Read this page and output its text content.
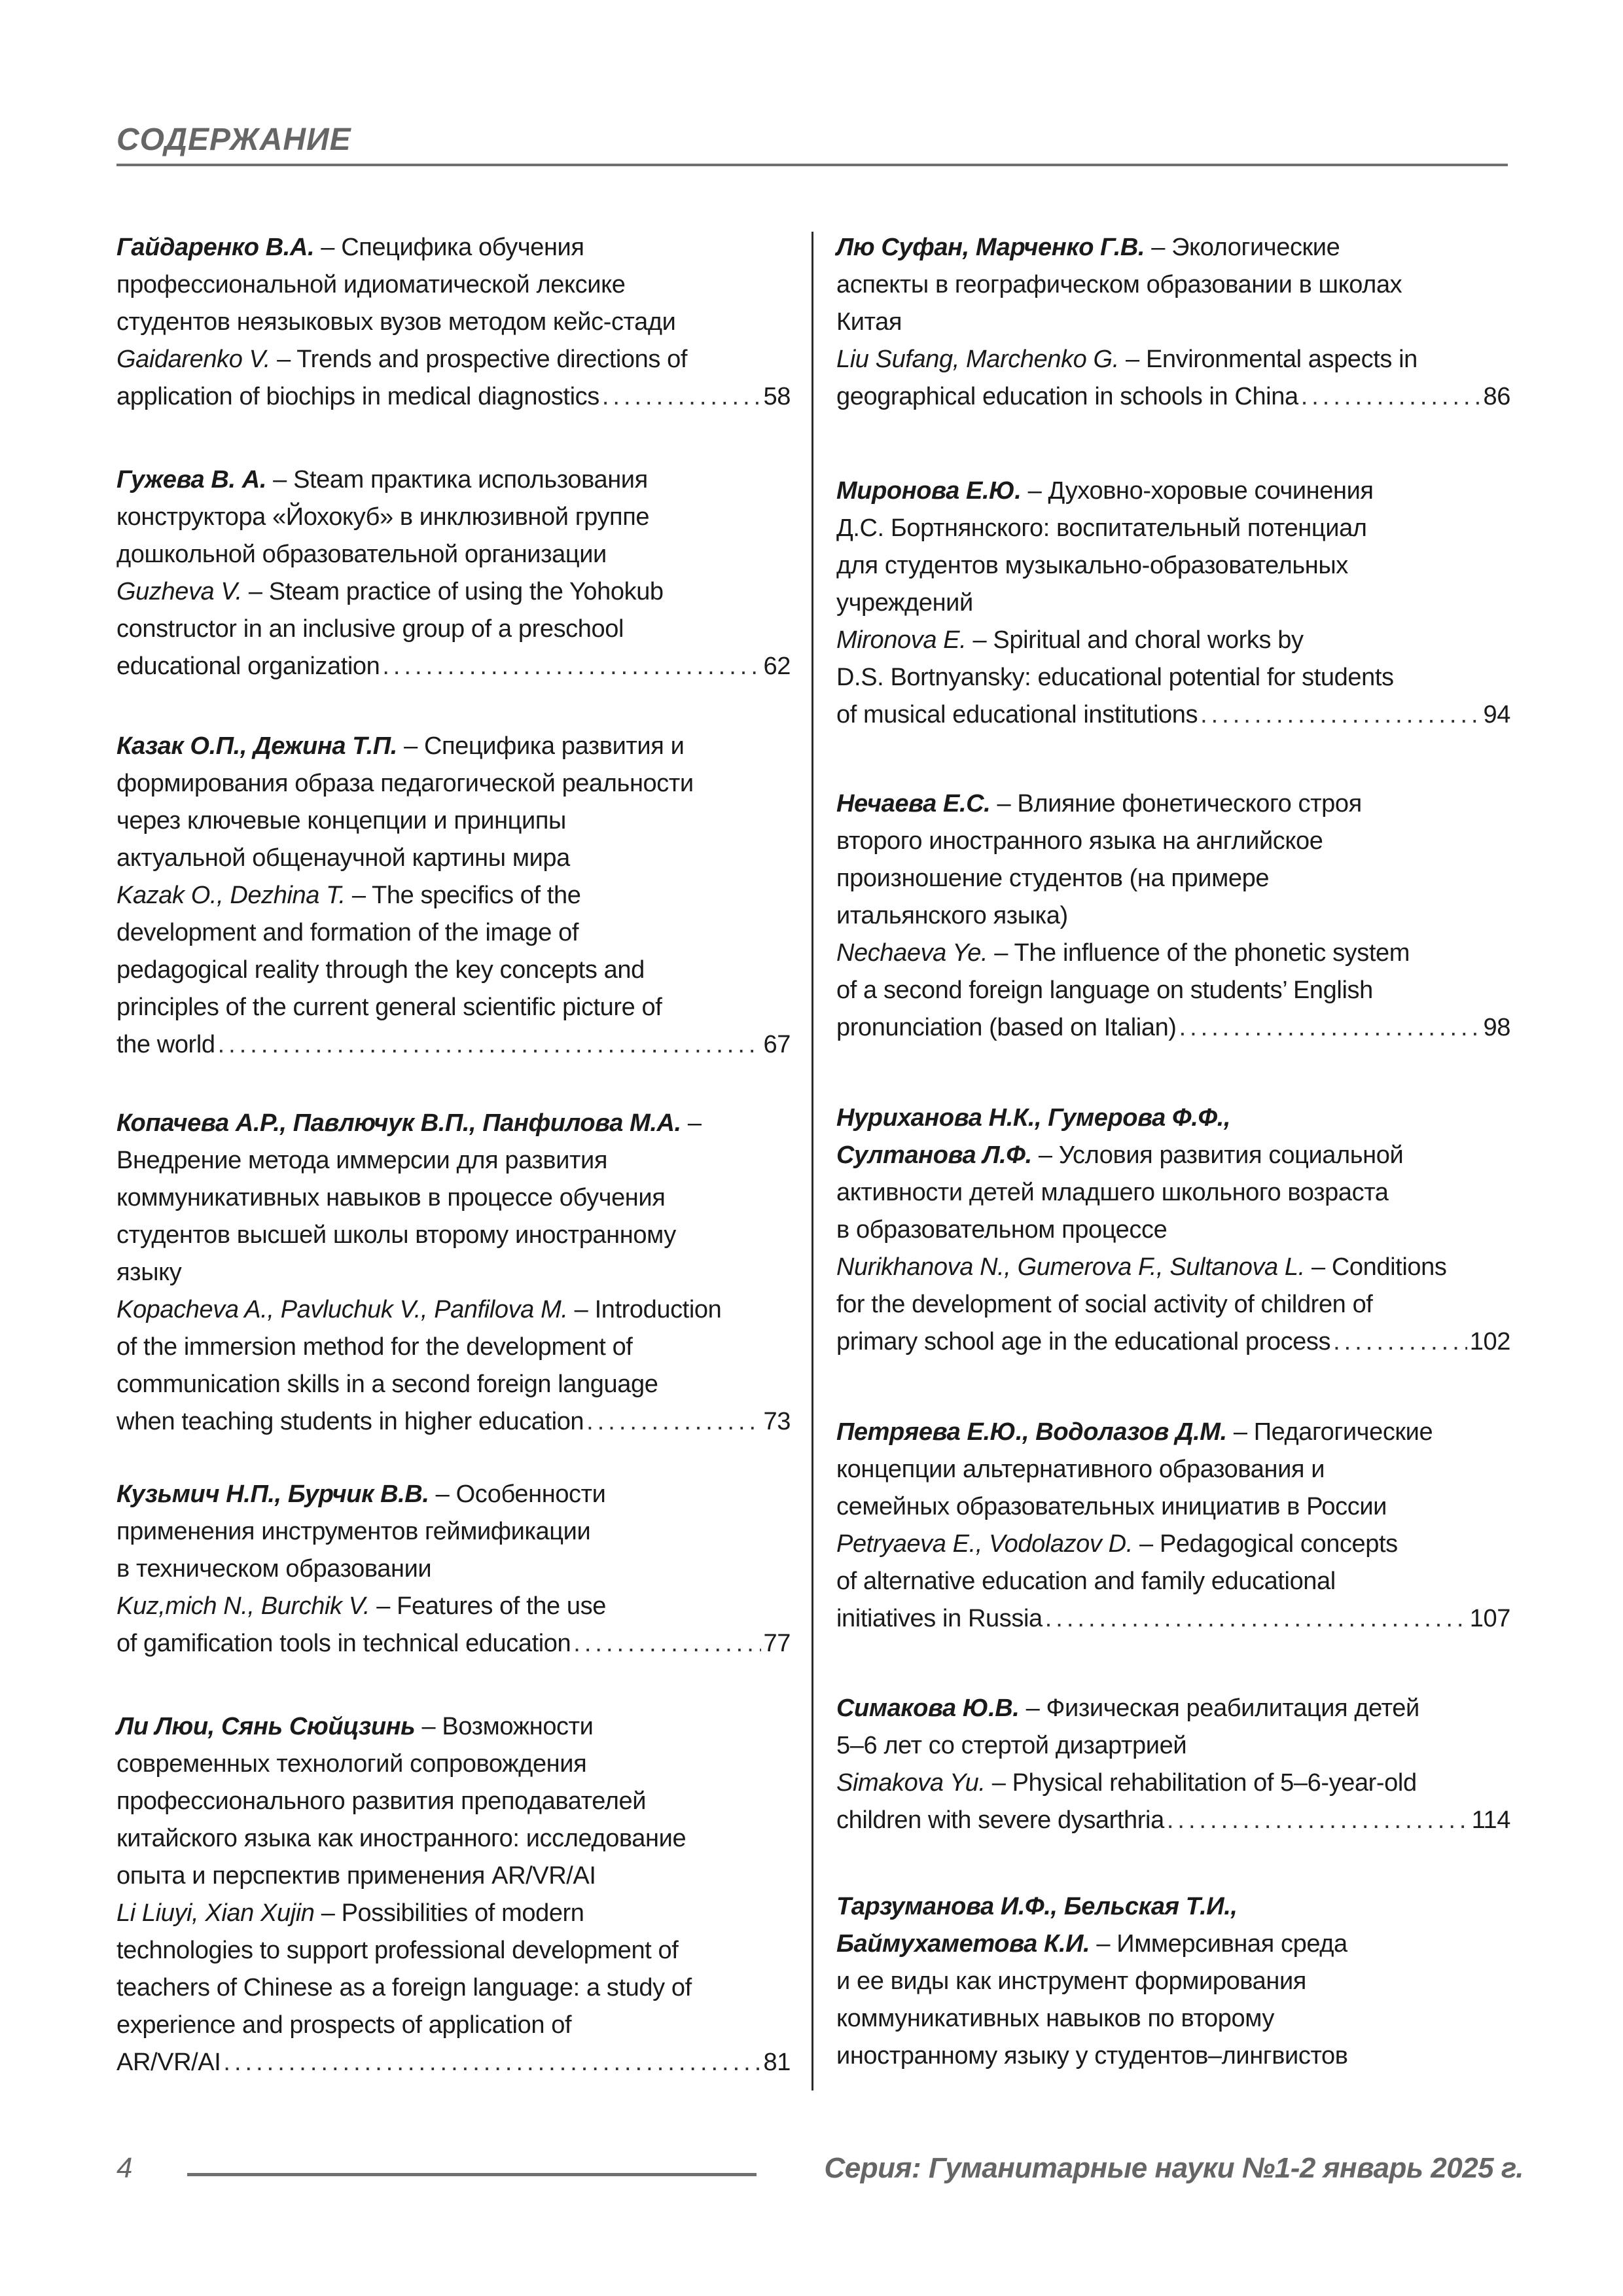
СОДЕРЖАНИЕ
Гайдаренко В.А. – Специфика обучения
профессиональной идиоматической лексике
студентов неязыковых вузов методом кейс-стади
Gaidarenko V. – Trends and prospective directions of
application of biochips in medical diagnostics .....	58
Гужева В. А. – Steam практика использования
конструктора «Йохокуб» в инклюзивной группе
дошкольной образовательной организации
Guzheva V. – Steam practice of using the Yohokub
constructor in an inclusive group of a preschool
educational organization .....	62
Казак О.П., Дежина Т.П. – Специфика развития и
формирования образа педагогической реальности
через ключевые концепции и принципы
актуальной общенаучной картины мира
Kazak O., Dezhina T. – The specifics of the
development and formation of the image of
pedagogical reality through the key concepts and
principles of the current general scientific picture of
the world .....	67
Копачева А.Р., Павлючук В.П., Панфилова М.А. –
Внедрение метода иммерсии для развития
коммуникативных навыков в процессе обучения
студентов высшей школы второму иностранному
языку
Kopacheva A., Pavluchuk V., Panfilova M. – Introduction
of the immersion method for the development of
communication skills in a second foreign language
when teaching students in higher education .....	73
Кузьмич Н.П., Бурчик В.В. – Особенности
применения инструментов геймификации
в техническом образовании
Kuz,mich N., Burchik V. – Features of the use
of gamification tools in technical education .....	77
Ли Люи, Сянь Сюйцзинь – Возможности
современных технологий сопровождения
профессионального развития преподавателей
китайского языка как иностранного: исследование
опыта и перспектив применения AR/VR/AI
Li Liuyi, Xian Xujin – Possibilities of modern
technologies to support professional development of
teachers of Chinese as a foreign language: a study of
experience and prospects of application of
AR/VR/AI .....	81
Лю Суфан, Марченко Г.В. – Экологические
аспекты в географическом образовании в школах
Китая
Liu Sufang, Marchenko G. – Environmental aspects in
geographical education in schools in China .....	86
Миронова Е.Ю. – Духовно-хоровые сочинения
Д.С. Бортнянского: воспитательный потенциал
для студентов музыкально-образовательных
учреждений
Mironova E. – Spiritual and choral works by
D.S. Bortnyansky: educational potential for students
of musical educational institutions .....	94
Нечаева Е.С. – Влияние фонетического строя
второго иностранного языка на английское
произношение студентов (на примере
итальянского языка)
Nechaeva Ye. – The influence of the phonetic system
of a second foreign language on students’ English
pronunciation (based on Italian) .....	98
Нуриханова Н.К., Гумерова Ф.Ф.,
Султанова Л.Ф. – Условия развития социальной
активности детей младшего школьного возраста
в образовательном процессе
Nurikhanova N., Gumerova F., Sultanova L. – Conditions
for the development of social activity of children of
primary school age in the educational process .....	102
Петряева Е.Ю., Водолазов Д.М. – Педагогические
концепции альтернативного образования и
семейных образовательных инициатив в России
Petryaeva E., Vodolazov D. – Pedagogical concepts
of alternative education and family educational
initiatives in Russia .....	107
Симакова Ю.В. – Физическая реабилитация детей
5–6 лет со стертой дизартрией
Simakova Yu. – Physical rehabilitation of 5–6-year-old
children with severe dysarthria .....	114
Тарзуманова И.Ф., Бельская Т.И.,
Баймухаметова К.И. – Иммерсивная среда
и ее виды как инструмент формирования
коммуникативных навыков по второму
иностранному языку у студентов–лингвистов
4	Серия: Гуманитарные науки №1-2 январь 2025 г.
